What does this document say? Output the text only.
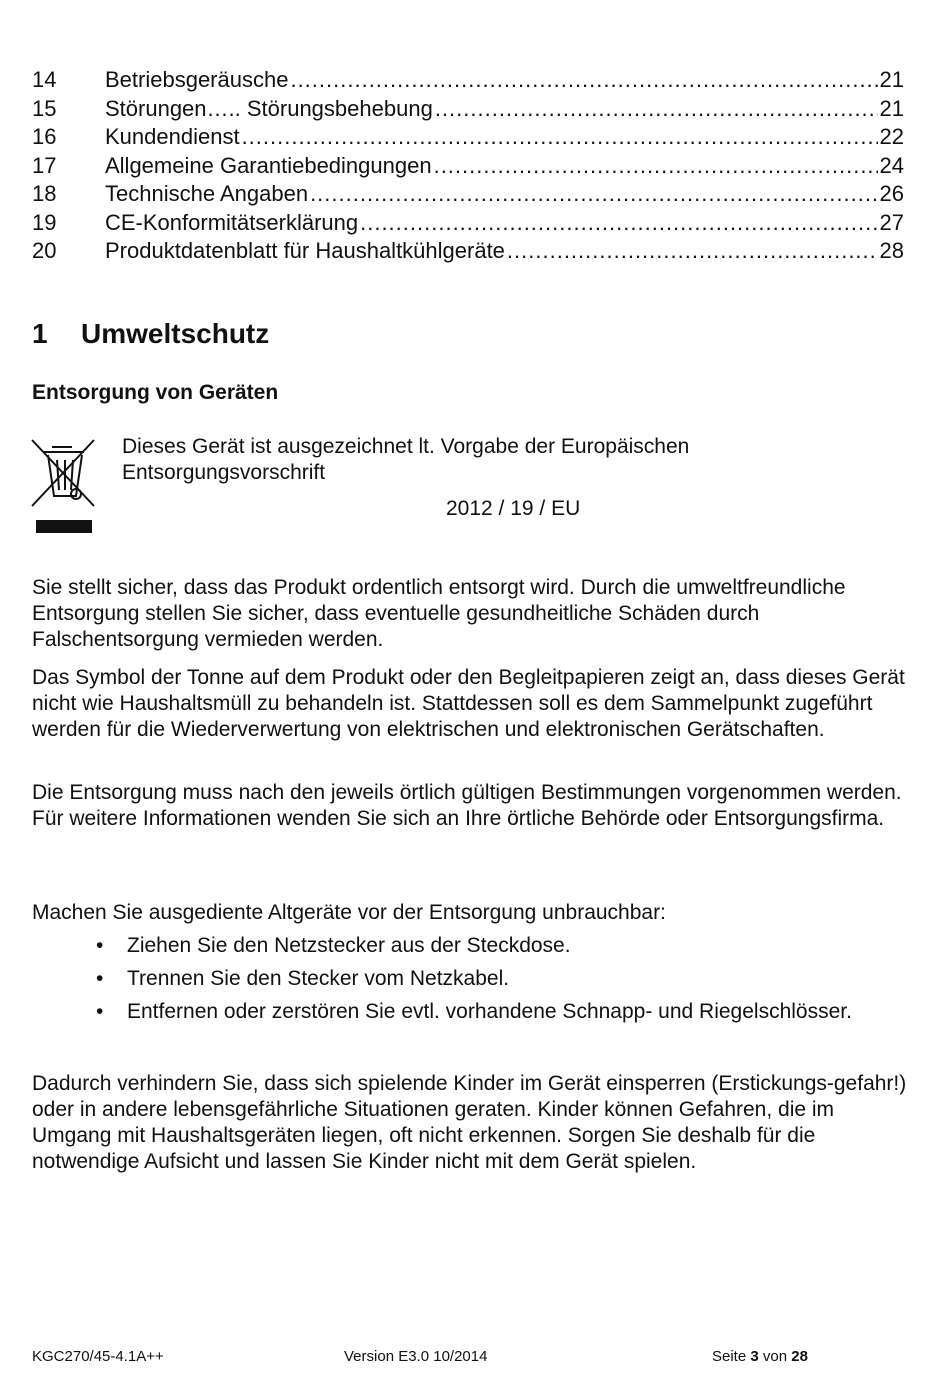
14	Betriebsgeräusche .....	21
15	Störungen….. Störungsbehebung .....	21
16	Kundendienst .....	22
17	Allgemeine Garantiebedingungen .....	24
18	Technische Angaben .....	26
19	CE-Konformitätserklärung .....	27
20	Produktdatenblatt für Haushaltkühlgeräte .....	28
1	Umweltschutz
Entsorgung von Geräten
Dieses Gerät ist ausgezeichnet lt. Vorgabe der Europäischen
Entsorgungsvorschrift
2012 / 19 / EU

Sie stellt sicher, dass das Produkt ordentlich entsorgt wird. Durch die umweltfreundliche Entsorgung stellen Sie sicher, dass eventuelle gesundheitliche Schäden durch Falschentsorgung vermieden werden.

Das Symbol der Tonne auf dem Produkt oder den Begleitpapieren zeigt an, dass dieses Gerät nicht wie Haushaltsmüll zu behandeln ist. Stattdessen soll es dem Sammelpunkt zugeführt werden für die Wiederverwertung von elektrischen und elektronischen Gerätschaften.

Die Entsorgung muss nach den jeweils örtlich gültigen Bestimmungen vorgenommen werden. Für weitere Informationen wenden Sie sich an Ihre örtliche Behörde oder Entsorgungsfirma.

Machen Sie ausgediente Altgeräte vor der Entsorgung unbrauchbar:

• Ziehen Sie den Netzstecker aus der Steckdose.
• Trennen Sie den Stecker vom Netzkabel.
• Entfernen oder zerstören Sie evtl. vorhandene Schnapp- und Riegelschlösser.

Dadurch verhindern Sie, dass sich spielende Kinder im Gerät einsperren (Erstickungs-gefahr!) oder in andere lebensgefährliche Situationen geraten. Kinder können Gefahren, die im Umgang mit Haushaltsgeräten liegen, oft nicht erkennen. Sorgen Sie deshalb für die notwendige Aufsicht und lassen Sie Kinder nicht mit dem Gerät spielen.

KGC270/45-4.1A++	Version E3.0 10/2014	Seite 3 von 28
